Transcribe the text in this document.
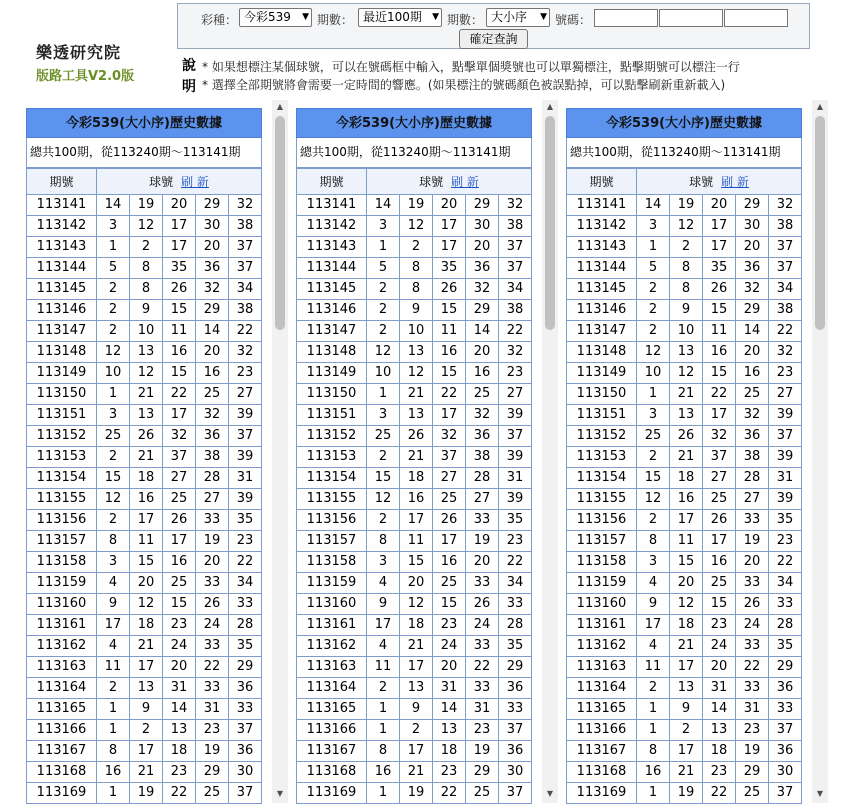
樂透研究院
版路工具V2.0版
彩種： 今彩539 ▼ 期數： 最近100期 ▼ 期數： 大小序 ▼ 號碼：
確定查詢
說明
* 如果想標注某個球號，可以在號碼框中輸入，點擊單個獎號也可以單獨標注，點擊期號可以標注一行
* 選擇全部期號將會需要一定時間的響應。(如果標注的號碼顏色被誤點掉，可以點擊刷新重新載入)
今彩539(大小序)歷史數據
總共100期，從113240期～113141期
期號	球號 刷 新				
113141	14	19	20	29	32
113142	3	12	17	30	38
113143	1	2	17	20	37
113144	5	8	35	36	37
113145	2	8	26	32	34
113146	2	9	15	29	38
113147	2	10	11	14	22
113148	12	13	16	20	32
113149	10	12	15	16	23
113150	1	21	22	25	27
113151	3	13	17	32	39
113152	25	26	32	36	37
113153	2	21	37	38	39
113154	15	18	27	28	31
113155	12	16	25	27	39
113156	2	17	26	33	35
113157	8	11	17	19	23
113158	3	15	16	20	22
113159	4	20	25	33	34
113160	9	12	15	26	33
113161	17	18	23	24	28
113162	4	21	24	33	35
113163	11	17	20	22	29
113164	2	13	31	33	36
113165	1	9	14	31	33
113166	1	2	13	23	37
113167	8	17	18	19	36
113168	16	21	23	29	30
113169	1	19	22	25	37
▲
▼
今彩539(大小序)歷史數據
總共100期，從113240期～113141期
期號	球號 刷 新				
113141	14	19	20	29	32
113142	3	12	17	30	38
113143	1	2	17	20	37
113144	5	8	35	36	37
113145	2	8	26	32	34
113146	2	9	15	29	38
113147	2	10	11	14	22
113148	12	13	16	20	32
113149	10	12	15	16	23
113150	1	21	22	25	27
113151	3	13	17	32	39
113152	25	26	32	36	37
113153	2	21	37	38	39
113154	15	18	27	28	31
113155	12	16	25	27	39
113156	2	17	26	33	35
113157	8	11	17	19	23
113158	3	15	16	20	22
113159	4	20	25	33	34
113160	9	12	15	26	33
113161	17	18	23	24	28
113162	4	21	24	33	35
113163	11	17	20	22	29
113164	2	13	31	33	36
113165	1	9	14	31	33
113166	1	2	13	23	37
113167	8	17	18	19	36
113168	16	21	23	29	30
113169	1	19	22	25	37
▲
▼
今彩539(大小序)歷史數據
總共100期，從113240期～113141期
期號	球號 刷 新				
113141	14	19	20	29	32
113142	3	12	17	30	38
113143	1	2	17	20	37
113144	5	8	35	36	37
113145	2	8	26	32	34
113146	2	9	15	29	38
113147	2	10	11	14	22
113148	12	13	16	20	32
113149	10	12	15	16	23
113150	1	21	22	25	27
113151	3	13	17	32	39
113152	25	26	32	36	37
113153	2	21	37	38	39
113154	15	18	27	28	31
113155	12	16	25	27	39
113156	2	17	26	33	35
113157	8	11	17	19	23
113158	3	15	16	20	22
113159	4	20	25	33	34
113160	9	12	15	26	33
113161	17	18	23	24	28
113162	4	21	24	33	35
113163	11	17	20	22	29
113164	2	13	31	33	36
113165	1	9	14	31	33
113166	1	2	13	23	37
113167	8	17	18	19	36
113168	16	21	23	29	30
113169	1	19	22	25	37
▲
▼
